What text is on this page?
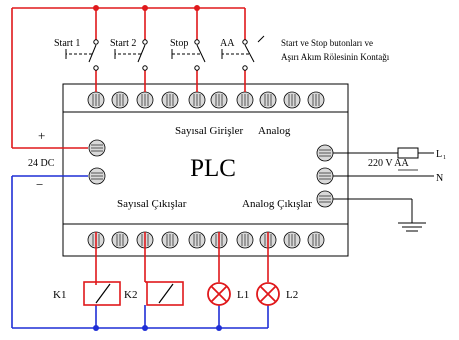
Sayısal Girişler Analog
PLC
Sayısal Çıkışlar	Analog Çıkışlar
Start 1	Start 2	Stop	AA	Start ve Stop butonları ve
Aşırı Akım Rölesinin Kontağı
+
24 DC
−
K1	K2	L1	L2
220 V AA
L 1
N
